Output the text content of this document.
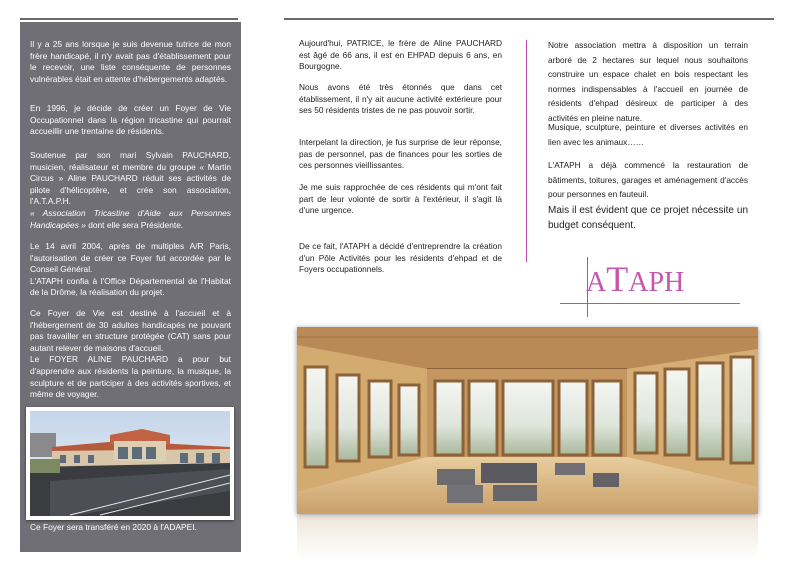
Il y a 25 ans lorsque je suis devenue tutrice de mon frère handicapé, il n'y avait pas d'établissement pour le recevoir, une liste conséquente de personnes vulnérables était en attente d'hébergements adaptés.

En 1996, je décide de créer un Foyer de Vie Occupationnel dans la région tricastine qui pourrait accueillir une trentaine de résidents.

Soutenue par son mari Sylvain PAUCHARD, musicien, réalisateur et membre du groupe « Martin Circus » Aline PAUCHARD réduit ses activités de pilote d'hélicoptère, et crée son association, l'A.T.A.P.H.

« Association Tricastine d'Aide aux Personnes Handicapées » dont elle sera Présidente.

Le 14 avril 2004, après de multiples A/R Paris, l'autorisation de créer ce Foyer fut accordée par le Conseil Général.

L'ATAPH confia à l'Office Départemental de l'Habitat de la Drôme, la réalisation du projet.

Ce Foyer de Vie est destiné à l'accueil et à l'hébergement de 30 adultes handicapés ne pouvant pas travailler en structure protégée (CAT) sans pour autant relever de maisons d'accueil.

Le FOYER ALINE PAUCHARD a pour but d'apprendre aux résidents la peinture, la musique, la sculpture et de participer à des activités sportives, et même de voyager.

Ce Foyer sera transféré en 2020 à l'ADAPEI.

Aujourd'hui, PATRICE, le frère de Aline PAUCHARD est âgé de 66 ans, il est en EHPAD depuis 6 ans, en Bourgogne.

Nous avons été très étonnés que dans cet établissement, il n'y ait aucune activité extérieure pour ses 50 résidents tristes de ne pas pouvoir sortir.

Interpelant la direction, je fus surprise de leur réponse, pas de personnel, pas de finances pour les sorties de ces personnes vieillissantes.

Je me suis rapprochée de ces résidents qui m'ont fait part de leur volonté de sortir à l'extérieur, il s'agit là d'une urgence.

De ce fait, l'ATAPH a décidé d'entreprendre la création d'un Pôle Activités pour les résidents d'ehpad et de Foyers occupationnels.

Notre association mettra à disposition un terrain arboré de 2 hectares sur lequel nous souhaitons construire un espace chalet en bois respectant les normes indispensables à l'accueil en journée de résidents d'ehpad désireux de participer à des activités en pleine nature.

Musique, sculpture, peinture et diverses activités en lien avec les animaux……

L'ATAPH a déjà commencé la restauration de bâtiments, toitures, garages et aménagement d'accès pour personnes en fauteuil.

Mais il est évident que ce projet nécessite un budget conséquent.

ATAPH
